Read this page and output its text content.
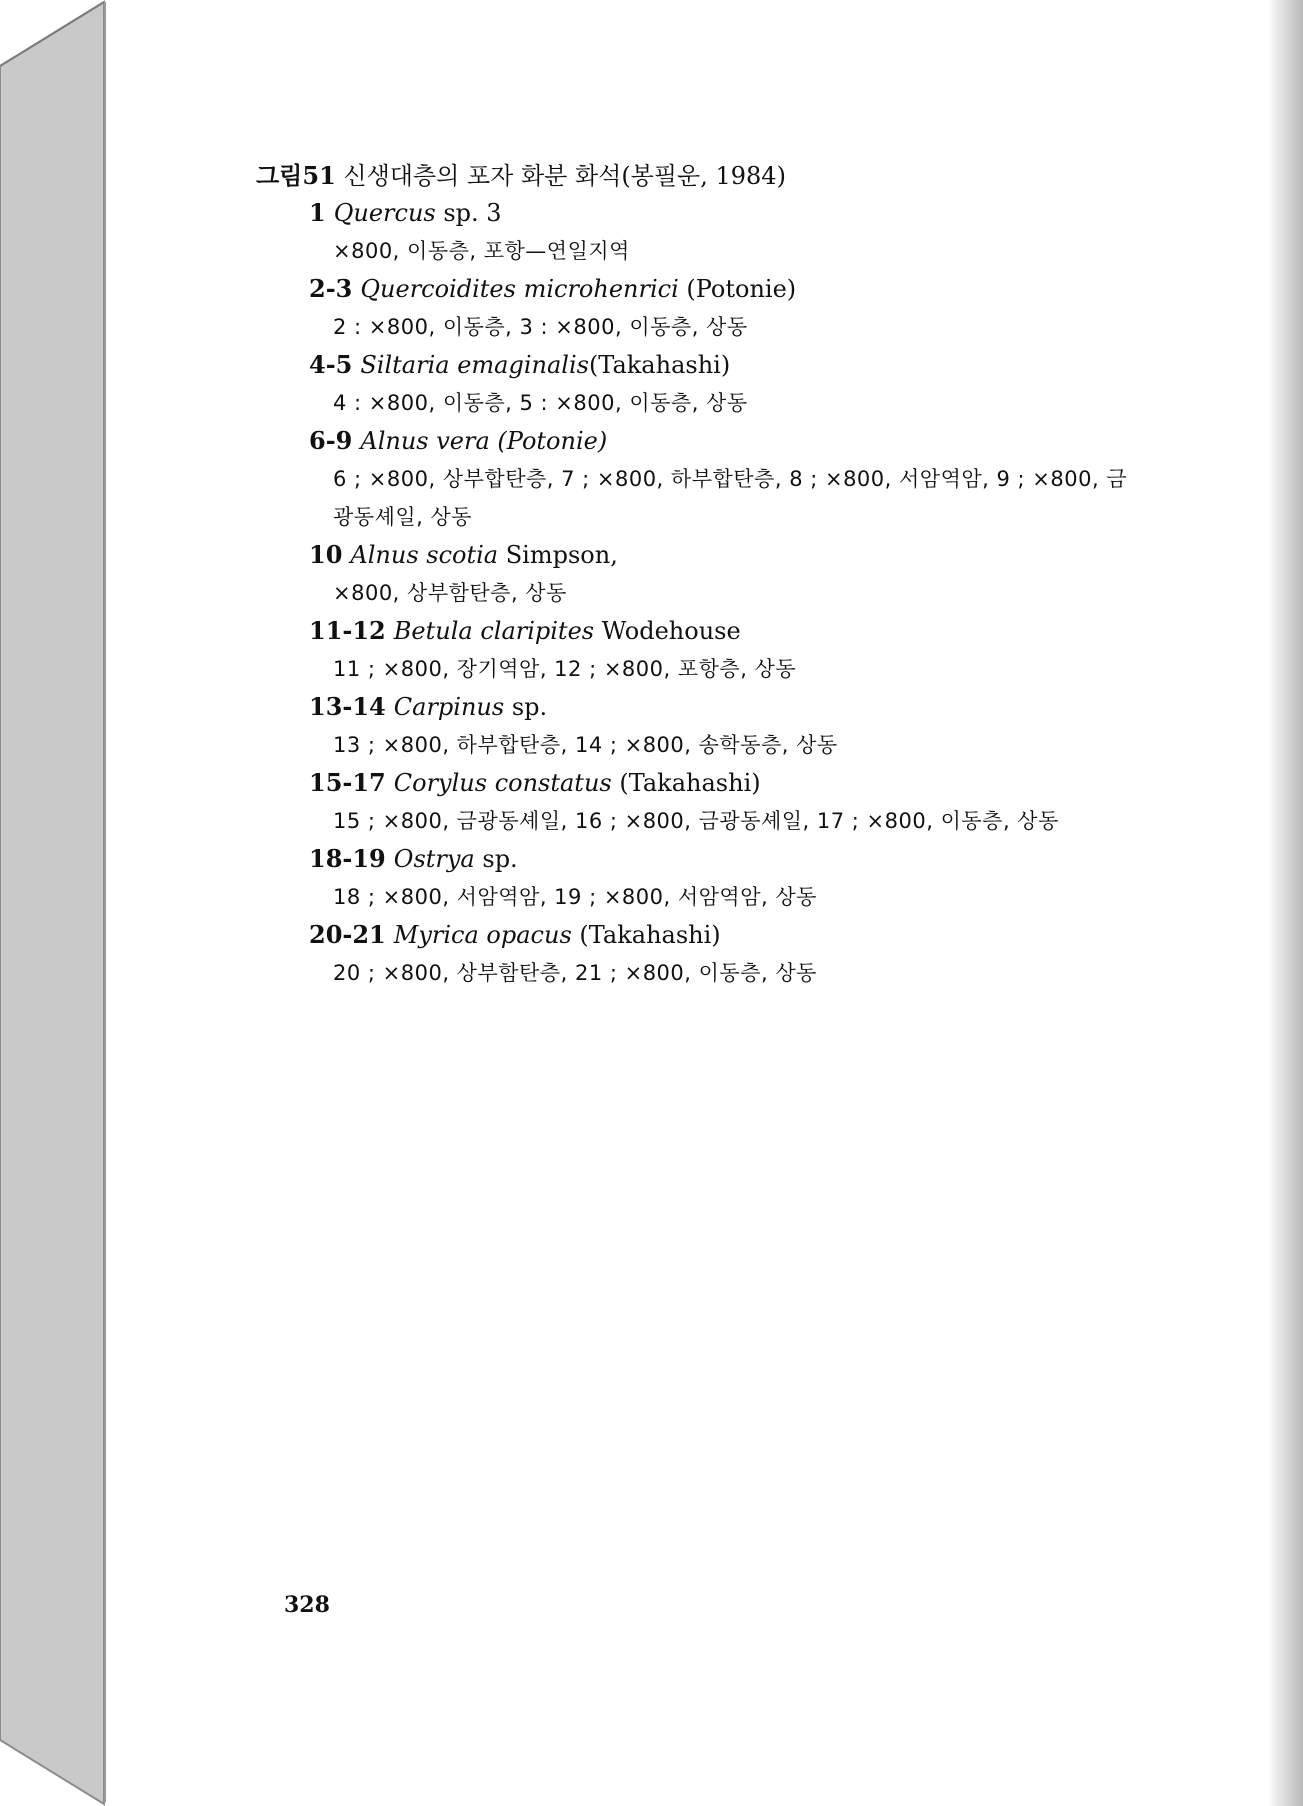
그림51 신생대층의 포자 화분 화석(봉필운, 1984)
1 Quercus sp. 3
×800, 이동층, 포항—연일지역
2-3 Quercoidites microhenrici (Potonie)
2 : ×800, 이동층, 3 : ×800, 이동층, 상동
4-5 Siltaria emaginalis(Takahashi)
4 : ×800, 이동층, 5 : ×800, 이동층, 상동
6-9 Alnus vera (Potonie)
6 ; ×800, 상부합탄층, 7 ; ×800, 하부합탄층, 8 ; ×800, 서암역암, 9 ; ×800, 금광동셰일, 상동
10 Alnus scotia Simpson,
×800, 상부함탄층, 상동
11-12 Betula claripites Wodehouse
11 ; ×800, 장기역암, 12 ; ×800, 포항층, 상동
13-14 Carpinus sp.
13 ; ×800, 하부합탄층, 14 ; ×800, 송학동층, 상동
15-17 Corylus constatus (Takahashi)
15 ; ×800, 금광동셰일, 16 ; ×800, 금광동셰일, 17 ; ×800, 이동층, 상동
18-19 Ostrya sp.
18 ; ×800, 서암역암, 19 ; ×800, 서암역암, 상동
20-21 Myrica opacus (Takahashi)
20 ; ×800, 상부함탄층, 21 ; ×800, 이동층, 상동
328
